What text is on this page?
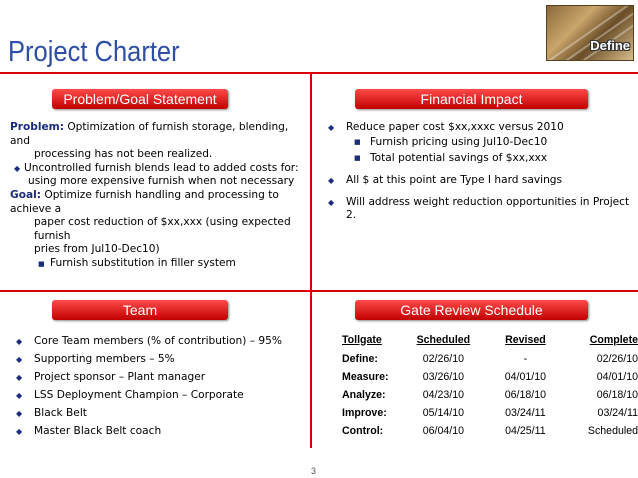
Project Charter	Define
Problem/Goal Statement	Financial Impact
Team	Gate Review Schedule
Problem: Optimization of furnish storage, blending, and
processing has not been realized.
◆ Uncontrolled furnish blends lead to added costs for:
using more expensive furnish when not necessary
Goal: Optimize furnish handling and processing to achieve a
paper cost reduction of $xx,xxx (using expected furnish
pries from Jul10-Dec10)
■ Furnish substitution in filler system
◆ Reduce paper cost $xx,xxxc versus 2010
■ Furnish pricing using Jul10-Dec10
■ Total potential savings of $xx,xxx
◆ All $ at this point are Type I hard savings
◆ Will address weight reduction opportunities in Project 2.
◆ Core Team members (% of contribution) – 95%
◆ Supporting members – 5%
◆ Project sponsor – Plant manager
◆ LSS Deployment Champion – Corporate
◆ Black Belt
◆ Master Black Belt coach
Tollgate	Scheduled	Revised	Complete
Define:	02/26/10	-	02/26/10
Measure:	03/26/10	04/01/10	04/01/10
Analyze:	04/23/10	06/18/10	06/18/10
Improve:	05/14/10	03/24/11	03/24/11
Control:	06/04/10	04/25/11	Scheduled
3
